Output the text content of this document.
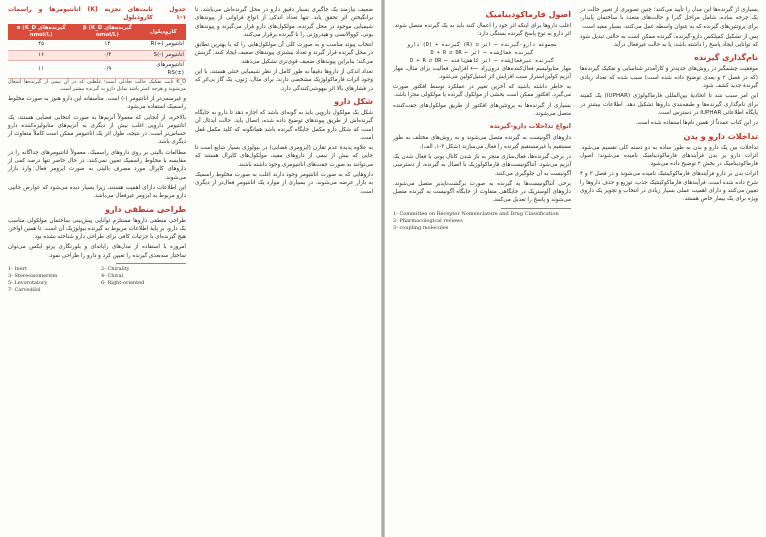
ضعیف نیازمند یک جاگیری بسیار دقیق دارو در محل گیرنده‌اش می‌باشد، تا برانگیختن اثر تحقق یابد. تنها تعداد اندکی از انواع فراوانی از پیوندهای شیمیایی موجود در محل گیرنده، مولکول‌های دارو قرار می‌گیرند و پیوندهای یونی، کووالانسی و هیدروژنی را با گیرنده برقرار می‌کنند.

انتخاب پیوند مناسب و به صورت کلی آن مولکول‌هایی را که با بهترین تطابق در محل گیرنده قرار گیرند و تعداد بیشتری پیوندهای ضعیف ایجاد کنند، گزینش می‌کند؛ بنابراین پیوندهای ضعیف قوی‌تری تشکیل می‌دهند.

تعداد اندکی از داروها دقیقاً به طور کامل از نظر شیمیایی خنثی هستند، با این وجود اثرات فارماکولوژیک مشخصی دارند. برای مثال، ژنون، یک گاز بی‌اثر که در فشارهای بالا اثر بیهوشی‌کنندگی دارد.

شکل دارو

شکل یک مولکول دارویی باید به گونه‌ای باشد که اجازه دهد تا دارو به جایگاه گیرنده‌اش از طریق پیوندهای توضیح داده شده، اتصال یابد. حالت ایدئال آن است که شکل دارو مکمل جایگاه گیرنده باشد همانگونه که کلید مکمل قفل است.

به علاوه پدیدهٔ عدم تقارن (ایزومری فضایی) در بیولوژی بسیار شایع است تا جایی که بیش از نیمی از داروهای مفید، مولکول‌های کایرال هستند که می‌توانند به صورت جفت‌های انانتیومری وجود داشته باشند.

داروهایی که به صورت انانتیومر وجود دارند اغلب به صورت مخلوط راسمیک به بازار عرضه می‌شوند. در بسیاری از موارد یک انانتیومر فعال‌تر از دیگری است.

جدول ۱-۱
ثابت‌های تجزیه (K) انانتیومرها و راسمات کاروِدیلول
کاروِدیلول	گیرنده‌های β (K_D nmol/L)	گیرنده‌های α (K_D nmol/L)
انانتیومر (+)R	۱۴	۴۵
انانتیومر (-)S	۰/۴	۱۶
انانتیومرهای (±)RS	۰/۹	۱۱

K_D ثابت تفکیک حالت تعادلی است؛ غلظتی که در آن نیمی از گیرنده‌ها اشغال می‌شوند و هرچه کمتر باشد تمایل دارو به گیرنده بیشتر است.

و غیرسمی‌تر از انانتیومر (-) است. متأسفانه این دارو هنوز به صورت مخلوط راسمیک استفاده می‌شود.

بالاخره، از آنجایی که معمولاً آنزیم‌ها به صورت انتخابی فضایی هستند، یک انانتیومر دارویی اغلب بیش از دیگری به آنزیم‌های متابولیزه‌کننده دارو حساس‌تر است. در نتیجه، طول اثر یک انانتیومر ممکن است کاملاً متفاوت از دیگری باشد.

مطالعات بالینی بر روی داروهای راسمیک، معمولاً انانتیومرهای جداگانه را در مقایسه با مخلوط راسمیک تعیین نمی‌کنند. در حال حاضر تنها درصد کمی از داروهای کایرال مورد مصرف بالینی به صورت ایزومر فعال وارد بازار می‌شوند.

این اطلاعات دارای اهمیت هستند، زیرا بسیار دیده می‌شود که عوارض جانبی دارو مربوط به ایزومر غیرفعال می‌باشد.

طراحی منطقی دارو

طراحی منطقی داروها مستلزم توانایی پیش‌بینی ساختمان مولکولی مناسب یک دارو، بر پایهٔ اطلاعات مربوط به گیرنده بیولوژیک آن است. تا همین اواخر، هیچ گیرنده‌ای با جزئیات کافی برای طراحی دارو شناخته نشده بود.

امروزه با استفاده از مدل‌های رایانه‌ای و بلورنگاری پرتو ایکس می‌توان ساختار سه‌بعدی گیرنده را تعیین کرد و دارو را طراحی نمود.

1- Inert	2- Chirality
3- Stereoisomerism	4- Chiral
5- Levorotatory	6- Right-oriented
7- Carvedilol

بسیاری از گیرنده‌ها این مدل را تأیید می‌کنند؛ چنین تصویری از تغییر حالت در یک چرخه ساده، شامل مراحل گذرا و حالت‌های متعدد با ساختمان پایدار، برای پروتئین‌های گیرنده که به عنوان واسطه عمل می‌کنند، بسیار مفید است.

پس از تشکیل کمپلکس دارو-گیرنده، گیرنده ممکن است به حالتی تبدیل شود که توانایی ایجاد پاسخ را داشته باشد، یا به حالت غیرفعال درآید.

نام‌گذاری گیرنده

موفقیت چشمگیر در روش‌های جدیدتر و کارآمدتر شناسایی و تفکیک گیرنده‌ها (که در فصل ۲ و بعدی توضیح داده شده است) سبب شده که تعداد زیادی گیرندهٔ جدید کشف شود.

این امر سبب شد تا اتحادیهٔ بین‌المللی فارماکولوژی (IUPHAR) یک کمیته برای نام‌گذاری گیرنده‌ها و طبقه‌بندی داروها تشکیل دهد. اطلاعات بیشتر در پایگاه اطلاعاتی IUPHAR در دسترس است.

در این کتاب عمدتاً از همین نام‌ها استفاده شده است.

تداخلات دارو و بدن

تداخلات بین یک دارو و بدن به طور ساده به دو دسته کلی تقسیم می‌شود. اثرات دارو بر بدن فرآیندهای فارماکودینامیک نامیده می‌شوند؛ اصول فارماکودینامیک در بخش ۲ توضیح داده می‌شود.

اثرات بدن بر دارو فرآیندهای فارماکوکینتیک نامیده می‌شوند و در فصل ۳ و ۴ شرح داده شده است. فرآیندهای فارماکوکینتیک جذب، توزیع و حذف داروها را تعیین می‌کنند و دارای اهمیت عملی بسیار زیادی در انتخاب و تجویز یک داروی ویژه برای یک بیمار خاص هستند.

اصول فارماکودینامیک

اغلب داروها برای اینکه اثر خود را اعمال کنند باید به یک گیرنده متصل شوند. اثر دارو به نوع پاسخ گیرنده بستگی دارد:

دارو (D) + گیرنده (R) ⇄ مجموعه دارو-گیرنده ⟵ اثر
D + R ⇄ DR ⟵ گیرنده فعال‌شده ⟵ اثر
D + R ⇄ DR ⟵ گیرنده غیرفعال‌شده ⟵ اثر کاهش‌یافته

مهار متابولیسم فعال‌کننده‌های درون‌زاد ⟵ افزایش فعالیت برای مثال، مهار آنزیم کولین‌استراز سبب افزایش اثر استیل‌کولین می‌شود.

به خاطر داشته باشید که آخرین تغییر در عملکرد توسط افکتور صورت می‌گیرد. افکتور ممکن است بخشی از مولکول گیرنده یا مولکولی مجزا باشد.

بسیاری از گیرنده‌ها به پروتئین‌های افکتور از طریق مولکول‌های جفت‌کننده متصل می‌شوند.

انواع تداخلات دارو-گیرنده

داروهای آگونیست به گیرنده متصل می‌شوند و به روش‌های مختلف به طور مستقیم یا غیرمستقیم گیرنده را فعال می‌سازند (شکل ۳-۱، الف).

در برخی گیرنده‌ها، فعال‌سازی منجر به باز شدن کانال یونی یا فعال شدن یک آنزیم می‌شود. آنتاگونیست‌های فارماکولوژیک با اتصال به گیرنده، از دسترسی آگونیست به آن جلوگیری می‌کنند.

برخی آنتاگونیست‌ها به گیرنده به صورت برگشت‌ناپذیر متصل می‌شوند. داروهای آلوستریک در جایگاهی متفاوت از جایگاه آگونیست به گیرنده متصل می‌شوند و پاسخ را تعدیل می‌کنند.

1- Committee on Receptor Nomenclature and Drug Classification
2- Pharmacological reviews
3- coupling molecules
